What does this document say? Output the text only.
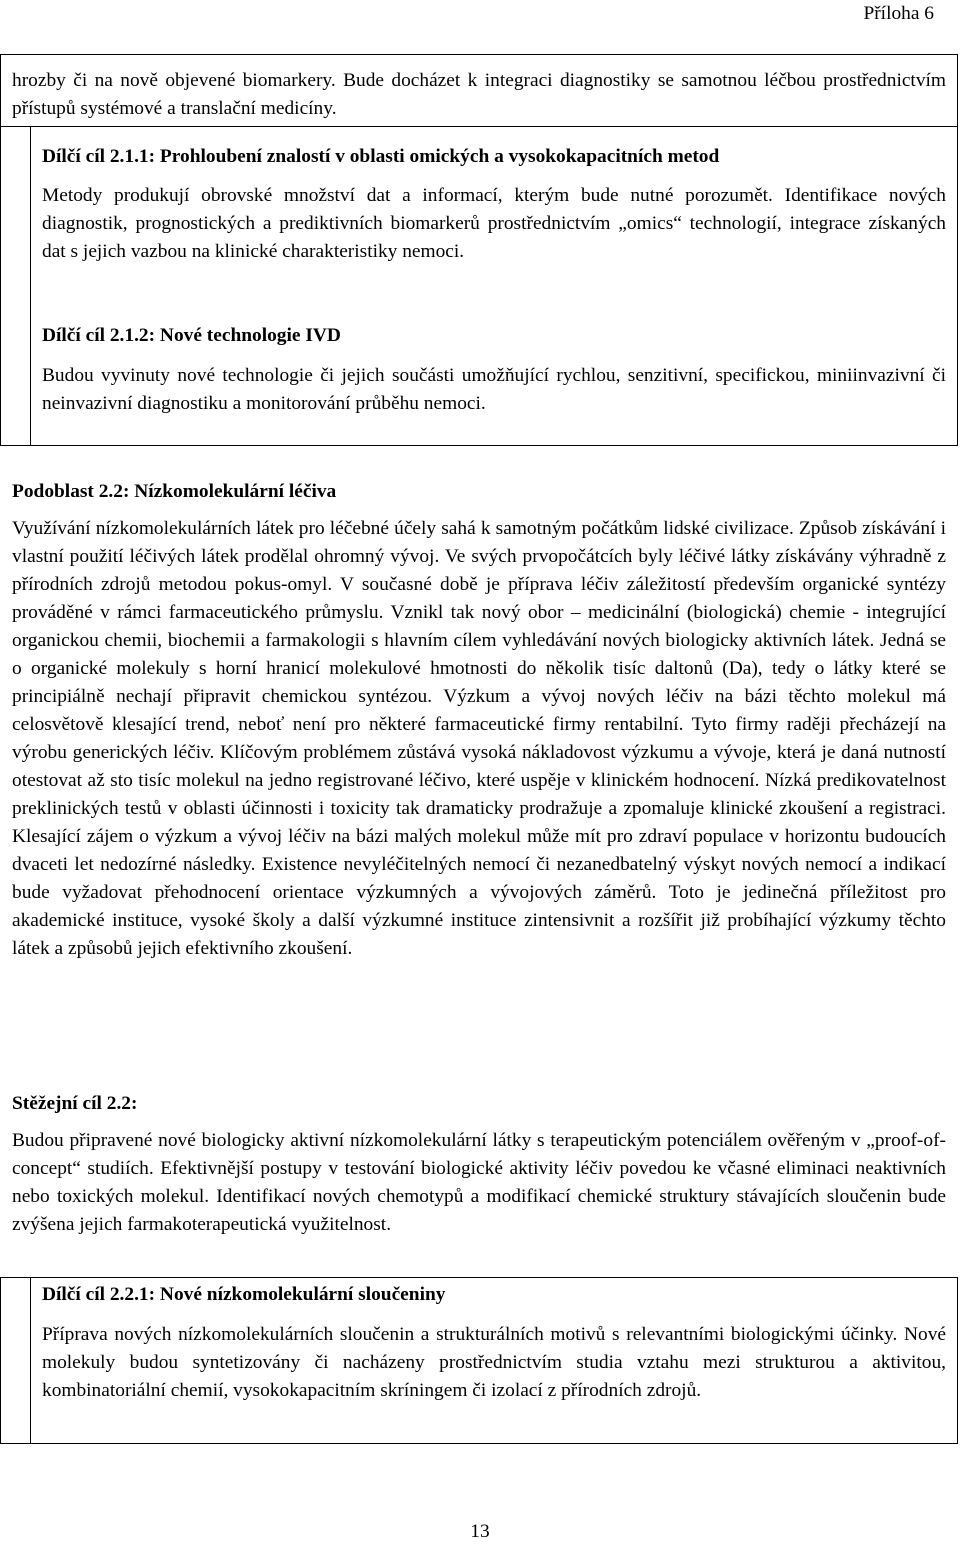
Příloha 6

hrozby či na nově objevené biomarkery. Bude docházet k integraci diagnostiky se samotnou léčbou prostřednictvím přístupů systémové a translační medicíny.

Dílčí cíl 2.1.1: Prohloubení znalostí v oblasti omických a vysokokapacitních metod

Metody produkují obrovské množství dat a informací, kterým bude nutné porozumět. Identifikace nových diagnostik, prognostických a prediktivních biomarkerů prostřednictvím „omics“ technologií, integrace získaných dat s jejich vazbou na klinické charakteristiky nemoci.

Dílčí cíl 2.1.2: Nové technologie IVD

Budou vyvinuty nové technologie či jejich součásti umožňující rychlou, senzitivní, specifickou, miniinvazivní či neinvazivní diagnostiku a monitorování průběhu nemoci.

Podoblast 2.2: Nízkomolekulární léčiva

Využívání nízkomolekulárních látek pro léčebné účely sahá k samotným počátkům lidské civilizace. Způsob získávání i vlastní použití léčivých látek prodělal ohromný vývoj. Ve svých prvopočátcích byly léčivé látky získávány výhradně z přírodních zdrojů metodou pokus-omyl. V současné době je příprava léčiv záležitostí především organické syntézy prováděné v rámci farmaceutického průmyslu. Vznikl tak nový obor – medicinální (biologická) chemie - integrující organickou chemii, biochemii a farmakologii s hlavním cílem vyhledávání nových biologicky aktivních látek. Jedná se o organické molekuly s horní hranicí molekulové hmotnosti do několik tisíc daltonů (Da), tedy o látky které se principiálně nechají připravit chemickou syntézou. Výzkum a vývoj nových léčiv na bázi těchto molekul má celosvětově klesající trend, neboť není pro některé farmaceutické firmy rentabilní. Tyto firmy raději přecházejí na výrobu generických léčiv. Klíčovým problémem zůstává vysoká nákladovost výzkumu a vývoje, která je daná nutností otestovat až sto tisíc molekul na jedno registrované léčivo, které uspěje v klinickém hodnocení. Nízká predikovatelnost preklinických testů v oblasti účinnosti i toxicity tak dramaticky prodražuje a zpomaluje klinické zkoušení a registraci. Klesající zájem o výzkum a vývoj léčiv na bázi malých molekul může mít pro zdraví populace v horizontu budoucích dvaceti let nedozírné následky. Existence nevyléčitelných nemocí či nezanedbatelný výskyt nových nemocí a indikací bude vyžadovat přehodnocení orientace výzkumných a vývojových záměrů. Toto je jedinečná příležitost pro akademické instituce, vysoké školy a další výzkumné instituce zintensivnit a rozšířit již probíhající výzkumy těchto látek a způsobů jejich efektivního zkoušení.

Stěžejní cíl 2.2:

Budou připravené nové biologicky aktivní nízkomolekulární látky s terapeutickým potenciálem ověřeným v „proof-of-concept“ studiích. Efektivnější postupy v testování biologické aktivity léčiv povedou ke včasné eliminaci neaktivních nebo toxických molekul. Identifikací nových chemotypů a modifikací chemické struktury stávajících sloučenin bude zvýšena jejich farmakoterapeutická využitelnost.

Dílčí cíl 2.2.1: Nové nízkomolekulární sloučeniny

Příprava nových nízkomolekulárních sloučenin a strukturálních motivů s relevantními biologickými účinky. Nové molekuly budou syntetizovány či nacházeny prostřednictvím studia vztahu mezi strukturou a aktivitou, kombinatoriální chemií, vysokokapacitním skríningem či izolací z přírodních zdrojů.

13
